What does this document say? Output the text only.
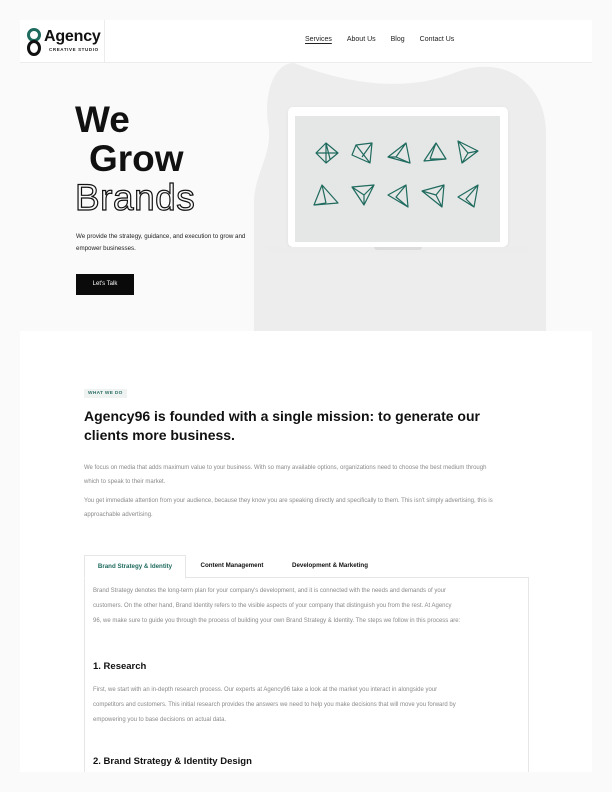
Agency
CREATIVE STUDIO
Services About Us Blog Contact Us
We
Grow
Brands
We provide the strategy, guidance, and execution to grow and empower businesses.
Let's Talk
WHAT WE DO
Agency96 is founded with a single mission: to generate our clients more business.
We focus on media that adds maximum value to your business. With so many available options, organizations need to choose the best medium through which to speak to their market.
You get immediate attention from your audience, because they know you are speaking directly and specifically to them. This isn't simply advertising, this is approachable advertising.
Brand Strategy & Identity	Content Management	Development & Marketing
Brand Strategy denotes the long-term plan for your company's development, and it is connected with the needs and demands of your
customers. On the other hand, Brand Identity refers to the visible aspects of your company that distinguish you from the rest. At Agency
96, we make sure to guide you through the process of building your own Brand Strategy & Identity. The steps we follow in this process are:
1. Research
First, we start with an in-depth research process. Our experts at Agency96 take a look at the market you interact in alongside your
competitors and customers. This initial research provides the answers we need to help you make decisions that will move you forward by
empowering you to base decisions on actual data.
2. Brand Strategy & Identity Design
